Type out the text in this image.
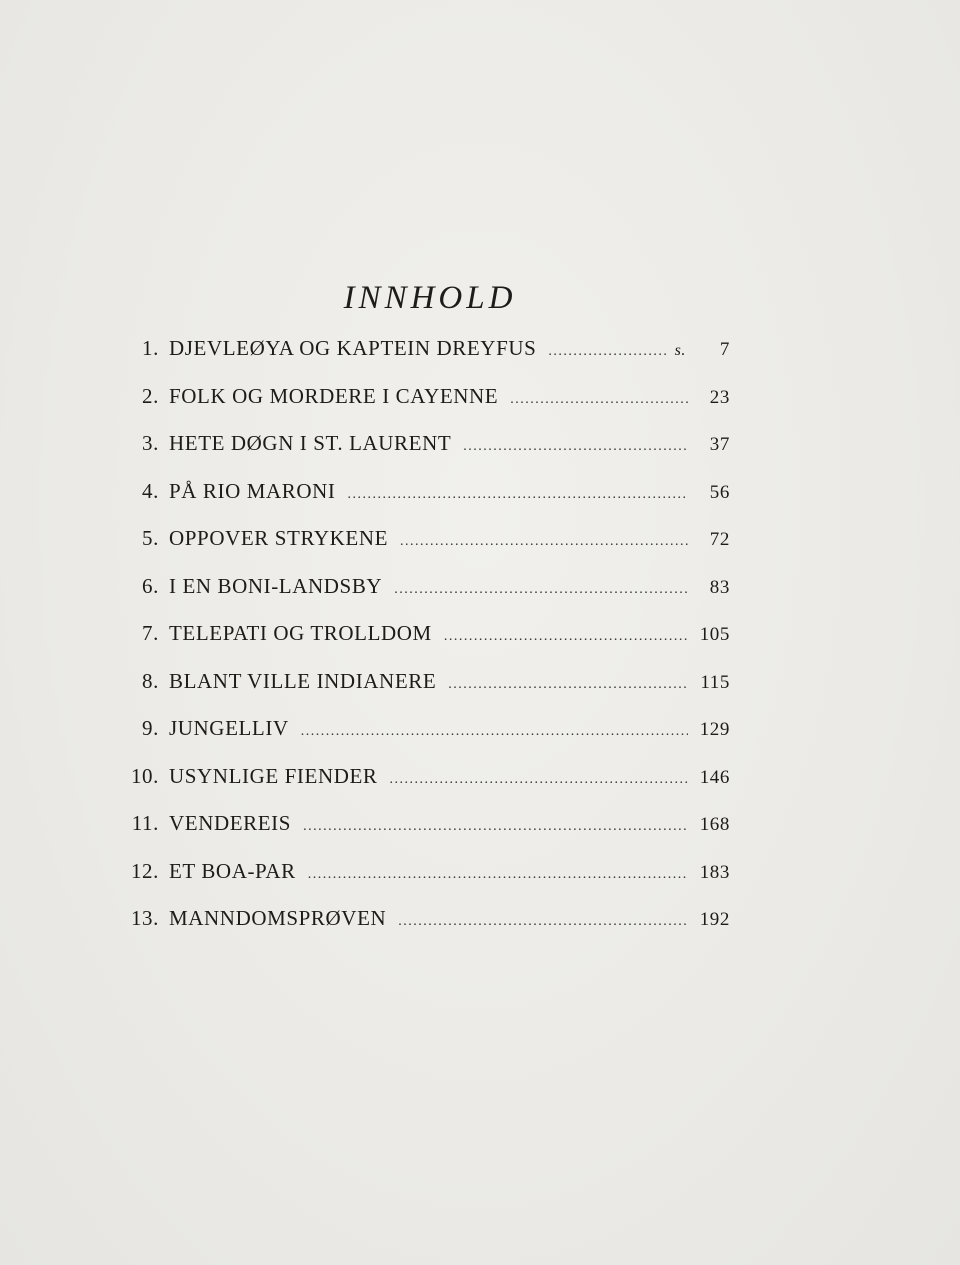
INNHOLD
1. DJEVLEØYA OG KAPTEIN DREYFUS .....	s.	7
2. FOLK OG MORDERE I CAYENNE .....	23
3. HETE DØGN I ST. LAURENT .....	37
4. PÅ RIO MARONI .....	56
5. OPPOVER STRYKENE .....	72
6. I EN BONI-LANDSBY .....	83
7. TELEPATI OG TROLLDOM .....	105
8. BLANT VILLE INDIANERE .....	115
9. JUNGELLIV .....	129
10. USYNLIGE FIENDER .....	146
11. VENDEREIS .....	168
12. ET BOA-PAR .....	183
13. MANNDOMSPRØVEN .....	192
